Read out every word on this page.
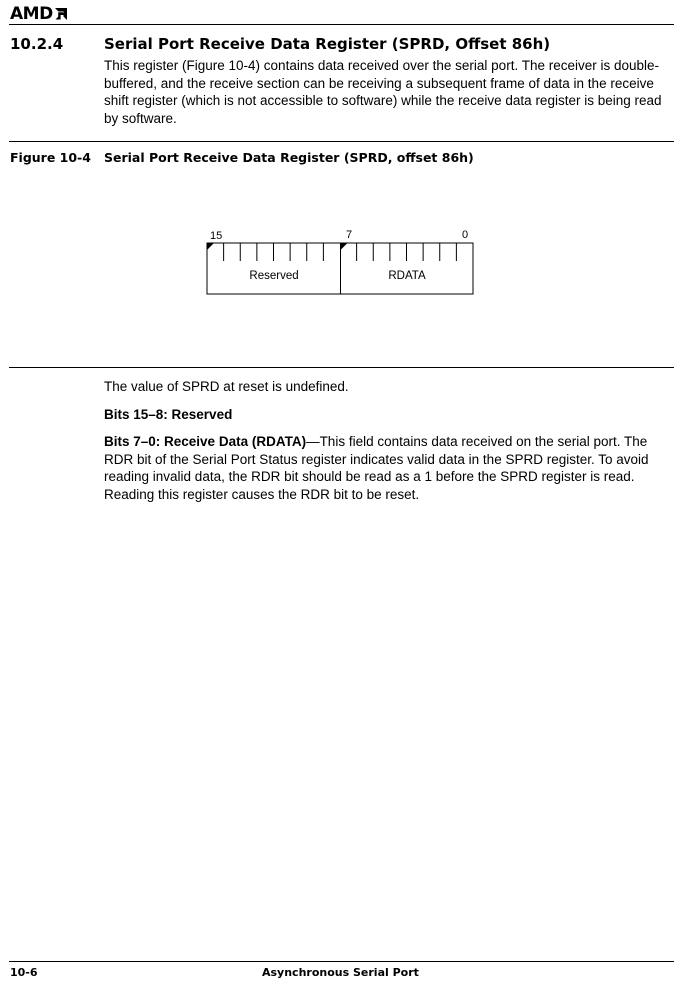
AMD
10.2.4	Serial Port Receive Data Register (SPRD, Offset 86h)
This register (Figure 10-4) contains data received over the serial port. The receiver is double-buffered, and the receive section can be receiving a subsequent frame of data in the receive shift register (which is not accessible to software) while the receive data register is being read by software.
Figure 10-4 Serial Port Receive Data Register (SPRD, offset 86h)
15	7	0
Reserved	RDATA
The value of SPRD at reset is undefined.
Bits 15–8: Reserved
Bits 7–0: Receive Data (RDATA)—This field contains data received on the serial port. The RDR bit of the Serial Port Status register indicates valid data in the SPRD register. To avoid reading invalid data, the RDR bit should be read as a 1 before the SPRD register is read. Reading this register causes the RDR bit to be reset.
10-6	Asynchronous Serial Port
